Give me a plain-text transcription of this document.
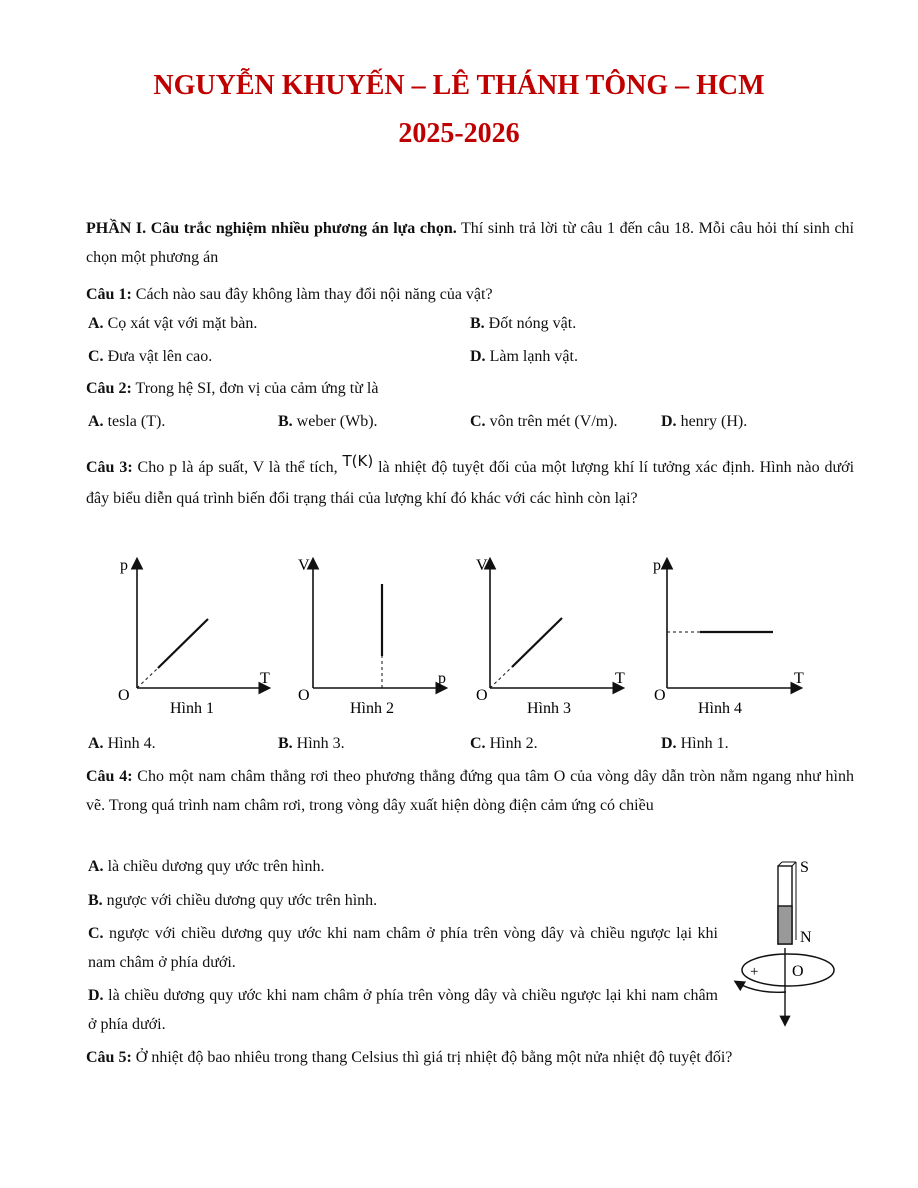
NGUYỄN KHUYẾN – LÊ THÁNH TÔNG – HCM
2025-2026

PHẦN I. Câu trắc nghiệm nhiều phương án lựa chọn. Thí sinh trả lời từ câu 1 đến câu 18. Mỗi câu hỏi thí sinh chỉ chọn một phương án

Câu 1: Cách nào sau đây không làm thay đổi nội năng của vật?

A. Cọ xát vật với mặt bàn.	B. Đốt nóng vật.
C. Đưa vật lên cao.	D. Làm lạnh vật.

Câu 2: Trong hệ SI, đơn vị của cảm ứng từ là

A. tesla (T).	B. weber (Wb).	C. vôn trên mét (V/m).	D. henry (H).

Câu 3: Cho p là áp suất, V là thể tích, T(K) là nhiệt độ tuyệt đối của một lượng khí lí tưởng xác định. Hình nào dưới đây biểu diễn quá trình biến đổi trạng thái của lượng khí đó khác với các hình còn lại?

p
T
O
Hình 1
V
p
O
Hình 2
V
T
O
Hình 3
p
T
O
Hình 4
A. Hình 4.	B. Hình 3.	C. Hình 2.	D. Hình 1.

Câu 4: Cho một nam châm thẳng rơi theo phương thẳng đứng qua tâm O của vòng dây dẫn tròn nằm ngang như hình vẽ. Trong quá trình nam châm rơi, trong vòng dây xuất hiện dòng điện cảm ứng có chiều

A. là chiều dương quy ước trên hình.
B. ngược với chiều dương quy ước trên hình.
C. ngược với chiều dương quy ước khi nam châm ở phía trên vòng dây và chiều ngược lại khi nam châm ở phía dưới.
D. là chiều dương quy ước khi nam châm ở phía trên vòng dây và chiều ngược lại khi nam châm ở phía dưới.
S
N
O
+

Câu 5: Ở nhiệt độ bao nhiêu trong thang Celsius thì giá trị nhiệt độ bằng một nửa nhiệt độ tuyệt đối?
